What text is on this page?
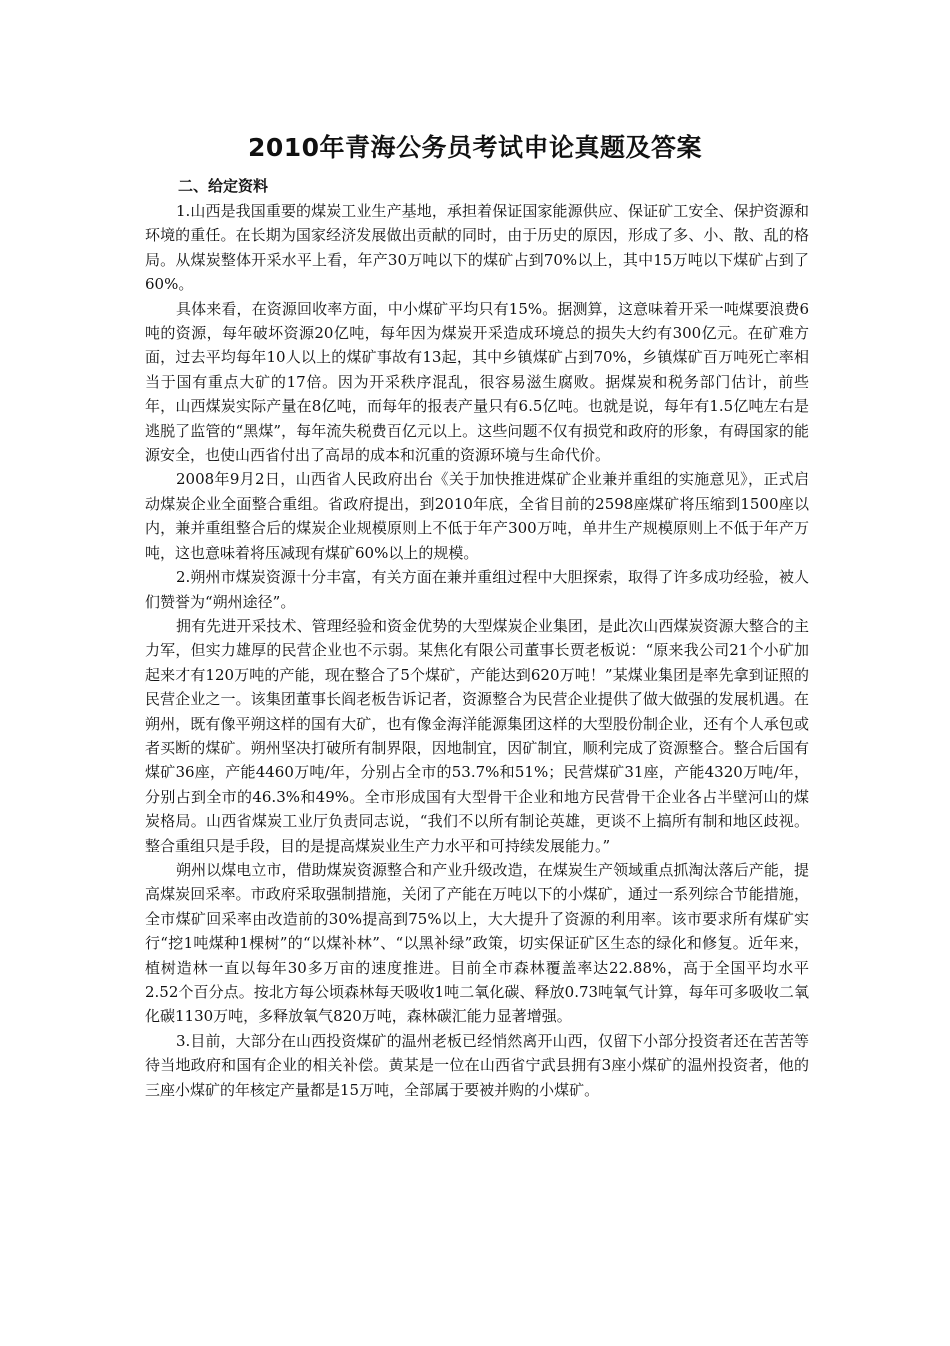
2010年青海公务员考试申论真题及答案
二、给定资料

1.山西是我国重要的煤炭工业生产基地，承担着保证国家能源供应、保证矿工安全、保护资源和环境的重任。在长期为国家经济发展做出贡献的同时，由于历史的原因，形成了多、小、散、乱的格局。从煤炭整体开采水平上看，年产30万吨以下的煤矿占到70%以上，其中15万吨以下煤矿占到了60%。

具体来看，在资源回收率方面，中小煤矿平均只有15%。据测算，这意味着开采一吨煤要浪费6吨的资源，每年破坏资源20亿吨，每年因为煤炭开采造成环境总的损失大约有300亿元。在矿难方面，过去平均每年10人以上的煤矿事故有13起，其中乡镇煤矿占到70%，乡镇煤矿百万吨死亡率相当于国有重点大矿的17倍。因为开采秩序混乱，很容易滋生腐败。据煤炭和税务部门估计，前些年，山西煤炭实际产量在8亿吨，而每年的报表产量只有6.5亿吨。也就是说，每年有1.5亿吨左右是逃脱了监管的“黑煤”，每年流失税费百亿元以上。这些问题不仅有损党和政府的形象，有碍国家的能源安全，也使山西省付出了高昂的成本和沉重的资源环境与生命代价。

2008年9月2日，山西省人民政府出台《关于加快推进煤矿企业兼并重组的实施意见》，正式启动煤炭企业全面整合重组。省政府提出，到2010年底，全省目前的2598座煤矿将压缩到1500座以内，兼并重组整合后的煤炭企业规模原则上不低于年产300万吨，单井生产规模原则上不低于年产万吨，这也意味着将压减现有煤矿60%以上的规模。

2.朔州市煤炭资源十分丰富，有关方面在兼并重组过程中大胆探索，取得了许多成功经验，被人们赞誉为“朔州途径”。

拥有先进开采技术、管理经验和资金优势的大型煤炭企业集团，是此次山西煤炭资源大整合的主力军，但实力雄厚的民营企业也不示弱。某焦化有限公司董事长贾老板说：“原来我公司21个小矿加起来才有120万吨的产能，现在整合了5个煤矿，产能达到620万吨！”某煤业集团是率先拿到证照的民营企业之一。该集团董事长阎老板告诉记者，资源整合为民营企业提供了做大做强的发展机遇。在朔州，既有像平朔这样的国有大矿，也有像金海洋能源集团这样的大型股份制企业，还有个人承包或者买断的煤矿。朔州坚决打破所有制界限，因地制宜，因矿制宜，顺利完成了资源整合。整合后国有煤矿36座，产能4460万吨/年，分别占全市的53.7%和51%；民营煤矿31座，产能4320万吨/年，分别占到全市的46.3%和49%。全市形成国有大型骨干企业和地方民营骨干企业各占半壁河山的煤炭格局。山西省煤炭工业厅负责同志说，“我们不以所有制论英雄，更谈不上搞所有制和地区歧视。整合重组只是手段，目的是提高煤炭业生产力水平和可持续发展能力。”

朔州以煤电立市，借助煤炭资源整合和产业升级改造，在煤炭生产领域重点抓淘汰落后产能，提高煤炭回采率。市政府采取强制措施，关闭了产能在万吨以下的小煤矿，通过一系列综合节能措施，全市煤矿回采率由改造前的30%提高到75%以上，大大提升了资源的利用率。该市要求所有煤矿实行“挖1吨煤种1棵树”的“以煤补林”、“以黑补绿”政策，切实保证矿区生态的绿化和修复。近年来，植树造林一直以每年30多万亩的速度推进。目前全市森林覆盖率达22.88%，高于全国平均水平2.52个百分点。按北方每公顷森林每天吸收1吨二氧化碳、释放0.73吨氧气计算，每年可多吸收二氧化碳1130万吨，多释放氧气820万吨，森林碳汇能力显著增强。

3.目前，大部分在山西投资煤矿的温州老板已经悄然离开山西，仅留下小部分投资者还在苦苦等待当地政府和国有企业的相关补偿。黄某是一位在山西省宁武县拥有3座小煤矿的温州投资者，他的三座小煤矿的年核定产量都是15万吨，全部属于要被并购的小煤矿。
